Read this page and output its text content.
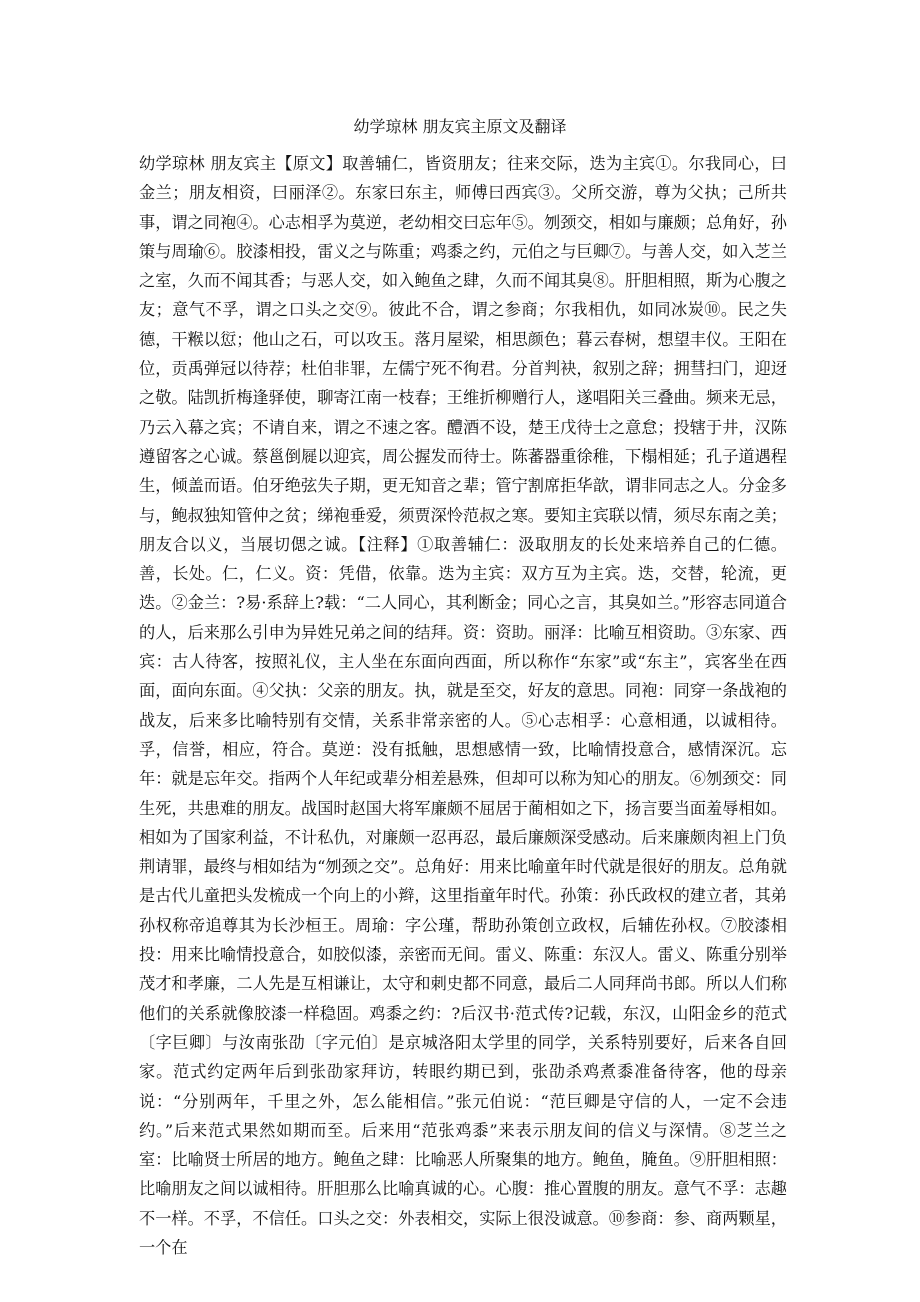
幼学琼林 朋友宾主原文及翻译

幼学琼林 朋友宾主【原文】取善辅仁，皆资朋友；往来交际，迭为主宾①。尔我同心，曰金兰；朋友相资，曰丽泽②。东家曰东主，师傅曰西宾③。父所交游，尊为父执；己所共事，谓之同袍④。心志相孚为莫逆，老幼相交曰忘年⑤。刎颈交，相如与廉颇；总角好，孙策与周瑜⑥。胶漆相投，雷义之与陈重；鸡黍之约，元伯之与巨卿⑦。与善人交，如入芝兰之室，久而不闻其香；与恶人交，如入鲍鱼之肆，久而不闻其臭⑧。肝胆相照，斯为心腹之友；意气不孚，谓之口头之交⑨。彼此不合，谓之参商；尔我相仇，如同冰炭⑩。民之失德，干糇以愆；他山之石，可以攻玉。落月屋梁，相思颜色；暮云春树，想望丰仪。王阳在位，贡禹弹冠以待荐；杜伯非罪，左儒宁死不徇君。分首判袂，叙别之辞；拥彗扫门，迎迓之敬。陆凯折梅逢驿使，聊寄江南一枝春；王维折柳赠行人，遂唱阳关三叠曲。频来无忌，乃云入幕之宾；不请自来，谓之不速之客。醴酒不设，楚王戊待士之意怠；投辖于井，汉陈遵留客之心诚。蔡邕倒屣以迎宾，周公握发而待士。陈蕃器重徐稚，下榻相延；孔子道遇程生，倾盖而语。伯牙绝弦失子期，更无知音之辈；管宁割席拒华歆，谓非同志之人。分金多与，鲍叔独知管仲之贫；绨袍垂爱，须贾深怜范叔之寒。要知主宾联以情，须尽东南之美；朋友合以义，当展切偲之诚。【注释】①取善辅仁：汲取朋友的长处来培养自己的仁德。善，长处。仁，仁义。资：凭借，依靠。迭为主宾：双方互为主宾。迭，交替，轮流，更迭。②金兰：?易·系辞上?载：“二人同心，其利断金；同心之言，其臭如兰。”形容志同道合的人，后来那么引申为异姓兄弟之间的结拜。资：资助。丽泽：比喻互相资助。③东家、西宾：古人待客，按照礼仪，主人坐在东面向西面，所以称作“东家”或“东主”，宾客坐在西面，面向东面。④父执：父亲的朋友。执，就是至交，好友的意思。同袍：同穿一条战袍的战友，后来多比喻特别有交情，关系非常亲密的人。⑤心志相孚：心意相通，以诚相待。孚，信誉，相应，符合。莫逆：没有抵触，思想感情一致，比喻情投意合，感情深沉。忘年：就是忘年交。指两个人年纪或辈分相差悬殊，但却可以称为知心的朋友。⑥刎颈交：同生死，共患难的朋友。战国时赵国大将军廉颇不屈居于蔺相如之下，扬言要当面羞辱相如。相如为了国家利益，不计私仇，对廉颇一忍再忍，最后廉颇深受感动。后来廉颇肉袒上门负荆请罪，最终与相如结为“刎颈之交”。总角好：用来比喻童年时代就是很好的朋友。总角就是古代儿童把头发梳成一个向上的小辫，这里指童年时代。孙策：孙氏政权的建立者，其弟孙权称帝追尊其为长沙桓王。周瑜：字公瑾，帮助孙策创立政权，后辅佐孙权。⑦胶漆相投：用来比喻情投意合，如胶似漆，亲密而无间。雷义、陈重：东汉人。雷义、陈重分别举茂才和孝廉，二人先是互相谦让，太守和刺史都不同意，最后二人同拜尚书郎。所以人们称他们的关系就像胶漆一样稳固。鸡黍之约：?后汉书·范式传?记载，东汉，山阳金乡的范式〔字巨卿〕与汝南张劭〔字元伯〕是京城洛阳太学里的同学，关系特别要好，后来各自回家。范式约定两年后到张劭家拜访，转眼约期已到，张劭杀鸡煮黍准备待客，他的母亲说：“分别两年，千里之外，怎么能相信。”张元伯说：“范巨卿是守信的人，一定不会违约。”后来范式果然如期而至。后来用“范张鸡黍”来表示朋友间的信义与深情。⑧芝兰之室：比喻贤士所居的地方。鲍鱼之肆：比喻恶人所聚集的地方。鲍鱼，腌鱼。⑨肝胆相照：比喻朋友之间以诚相待。肝胆那么比喻真诚的心。心腹：推心置腹的朋友。意气不孚：志趣不一样。不孚，不信任。口头之交：外表相交，实际上很没诚意。⑩参商：参、商两颗星，一个在
